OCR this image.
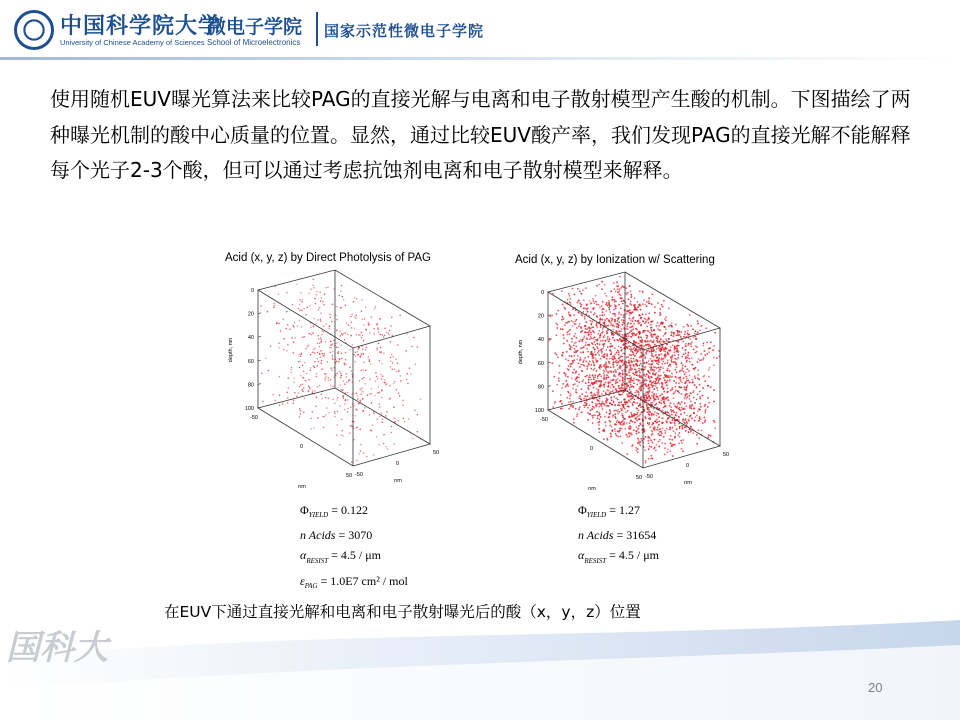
中国科学院大学
University of Chinese Academy of Sciences
微电子学院
School of Microelectronics
国家示范性微电子学院
使用随机EUV曝光算法来比较PAG的直接光解与电离和电子散射模型产生酸的机制。下图描绘了两种曝光机制的酸中心质量的位置。显然，通过比较EUV酸产率，我们发现PAG的直接光解不能解释每个光子2-3个酸，但可以通过考虑抗蚀剂电离和电子散射模型来解释。
Acid (x, y, z) by Direct Photolysis of PAG
0
20
40
60
80
100
depth, nm
-50
0
50
50
0
-50
nm
nm
$\Phi_{YIELD} = 0.122$
n Acids = 3070
$\alpha_{RESIST} = 4.5 / \mu m$
$\varepsilon_{PAG} = 1.0E7$ cm² / mol
Acid (x, y, z) by Ionization w/ Scattering
0
20
40
60
80
100
depth, nm
-50
0
50
50
0
-50
nm
nm
$\Phi_{YIELD} = 1.27$
n Acids = 31654
$\alpha_{RESIST} = 4.5 / \mu m$
在EUV下通过直接光解和电离和电子散射曝光后的酸（x，y，z）位置
国科大
20
